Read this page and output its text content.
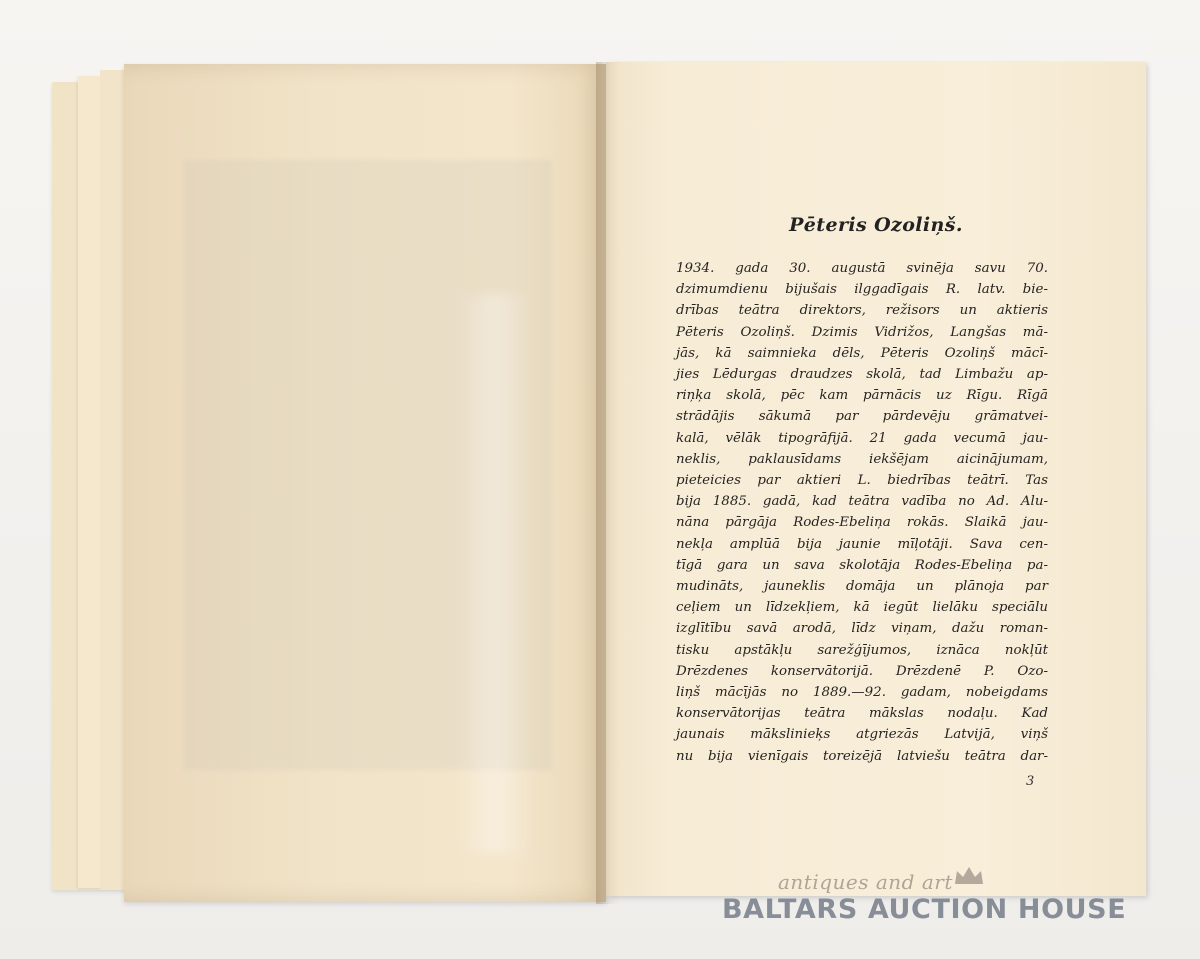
Pēteris Ozoliņš.
1934. gada 30. augustā svinēja savu 70.
dzimumdienu bijušais ilggadīgais R. latv. bie-
drības teātra direktors, režisors un aktieris
Pēteris Ozoliņš. Dzimis Vidrižos, Langšas mā-
jās, kā saimnieka dēls, Pēteris Ozoliņš mācī-
jies Lēdurgas draudzes skolā, tad Limbažu ap-
riņķa skolā, pēc kam pārnācis uz Rīgu. Rīgā
strādājis sākumā par pārdevēju grāmatvei-
kalā, vēlāk tipogrāfijā. 21 gada vecumā jau-
neklis, paklausīdams iekšējam aicinājumam,
pieteicies par aktieri L. biedrības teātrī. Tas
bija 1885. gadā, kad teātra vadība no Ad. Alu-
nāna pārgāja Rodes-Ebeliņa rokās. Slaikā jau-
nekļa amplūā bija jaunie mīļotāji. Sava cen-
tīgā gara un sava skolotāja Rodes-Ebeliņa pa-
mudināts, jauneklis domāja un plānoja par
ceļiem un līdzekļiem, kā iegūt lielāku speciālu
izglītību savā arodā, līdz viņam, dažu roman-
tisku apstākļu sarežģījumos, iznāca nokļūt
Drēzdenes konservātorijā. Drēzdenē P. Ozo-
liņš mācījās no 1889.—92. gadam, nobeigdams
konservātorijas teātra mākslas nodaļu. Kad
jaunais mākslinieķs atgriezās Latvijā, viņš
nu bija vienīgais toreizējā latviešu teātra dar-
3
antiques and art
BALTARS AUCTION HOUSE
